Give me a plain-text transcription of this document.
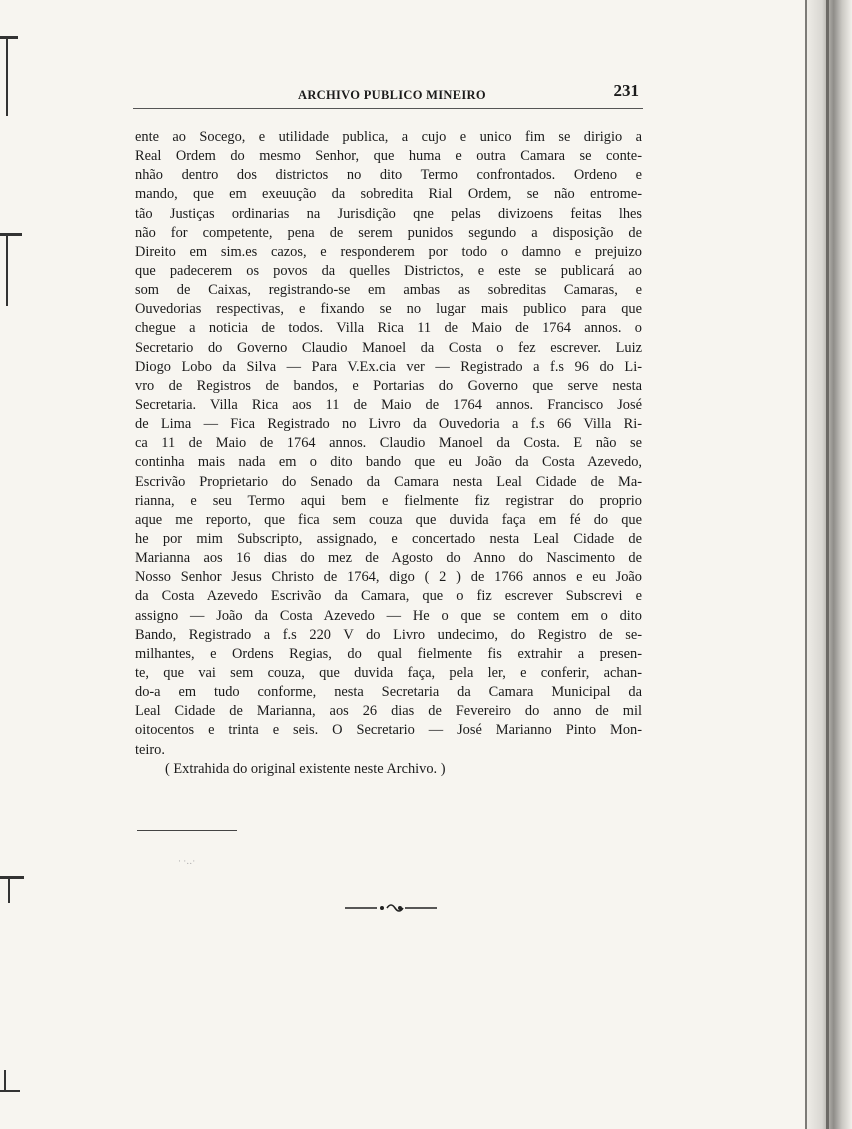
ARCHIVO PUBLICO MINEIRO	231
ente ao Socego, e utilidade publica, a cujo e unico fim se dirigio a
Real Ordem do mesmo Senhor, que huma e outra Camara se conte-
nhão dentro dos districtos no dito Termo confrontados. Ordeno e
mando, que em exeuução da sobredita Rial Ordem, se não entrome-
tão Justiças ordinarias na Jurisdição qne pelas divizoens feitas lhes
não for competente, pena de serem punidos segundo a disposição de
Direito em sim.es cazos, e responderem por todo o damno e prejuizo
que padecerem os povos da quelles Districtos, e este se publicará ao
som de Caixas, registrando-se em ambas as sobreditas Camaras, e
Ouvedorias respectivas, e fixando se no lugar mais publico para que
chegue a noticia de todos. Villa Rica 11 de Maio de 1764 annos. o
Secretario do Governo Claudio Manoel da Costa o fez escrever. Luiz
Diogo Lobo da Silva — Para V.Ex.cia ver — Registrado a f.s 96 do Li-
vro de Registros de bandos, e Portarias do Governo que serve nesta
Secretaria. Villa Rica aos 11 de Maio de 1764 annos. Francisco José
de Lima — Fica Registrado no Livro da Ouvedoria a f.s 66 Villa Ri-
ca 11 de Maio de 1764 annos. Claudio Manoel da Costa. E não se
continha mais nada em o dito bando que eu João da Costa Azevedo,
Escrivão Proprietario do Senado da Camara nesta Leal Cidade de Ma-
rianna, e seu Termo aqui bem e fielmente fiz registrar do proprio
aque me reporto, que fica sem couza que duvida faça em fé do que
he por mim Subscripto, assignado, e concertado nesta Leal Cidade de
Marianna aos 16 dias do mez de Agosto do Anno do Nascimento de
Nosso Senhor Jesus Christo de 1764, digo ( 2 ) de 1766 annos e eu João
da Costa Azevedo Escrivão da Camara, que o fiz escrever Subscrevi e
assigno — João da Costa Azevedo — He o que se contem em o dito
Bando, Registrado a f.s 220 V do Livro undecimo, do Registro de se-
milhantes, e Ordens Regias, do qual fielmente fis extrahir a presen-
te, que vai sem couza, que duvida faça, pela ler, e conferir, achan-
do-a em tudo conforme, nesta Secretaria da Camara Municipal da
Leal Cidade de Marianna, aos 26 dias de Fevereiro do anno de mil
oitocentos e trinta e seis. O Secretario — José Marianno Pinto Mon-
teiro.
( Extrahida do original existente neste Archivo. )
· ·‥·
